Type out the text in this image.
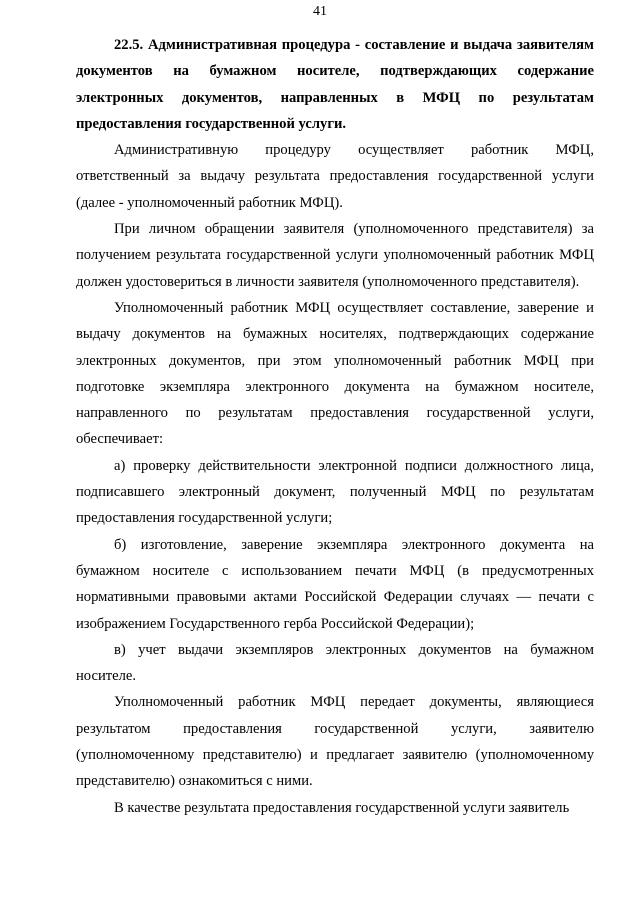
41

22.5. Административная процедура - составление и выдача заявителям документов на бумажном носителе, подтверждающих содержание электронных документов, направленных в МФЦ по результатам предоставления государственной услуги.

Административную процедуру осуществляет работник МФЦ, ответственный за выдачу результата предоставления государственной услуги (далее - уполномоченный работник МФЦ).

При личном обращении заявителя (уполномоченного представителя) за получением результата государственной услуги уполномоченный работник МФЦ должен удостовериться в личности заявителя (уполномоченного представителя).

Уполномоченный работник МФЦ осуществляет составление, заверение и выдачу документов на бумажных носителях, подтверждающих содержание электронных документов, при этом уполномоченный работник МФЦ при подготовке экземпляра электронного документа на бумажном носителе, направленного по результатам предоставления государственной услуги, обеспечивает:

а) проверку действительности электронной подписи должностного лица, подписавшего электронный документ, полученный МФЦ по результатам предоставления государственной услуги;

б) изготовление, заверение экземпляра электронного документа на бумажном носителе с использованием печати МФЦ (в предусмотренных нормативными правовыми актами Российской Федерации случаях — печати с изображением Государственного герба Российской Федерации);

в) учет выдачи экземпляров электронных документов на бумажном носителе.

Уполномоченный работник МФЦ передает документы, являющиеся результатом предоставления государственной услуги, заявителю (уполномоченному представителю) и предлагает заявителю (уполномоченному представителю) ознакомиться с ними.

В качестве результата предоставления государственной услуги заявитель
